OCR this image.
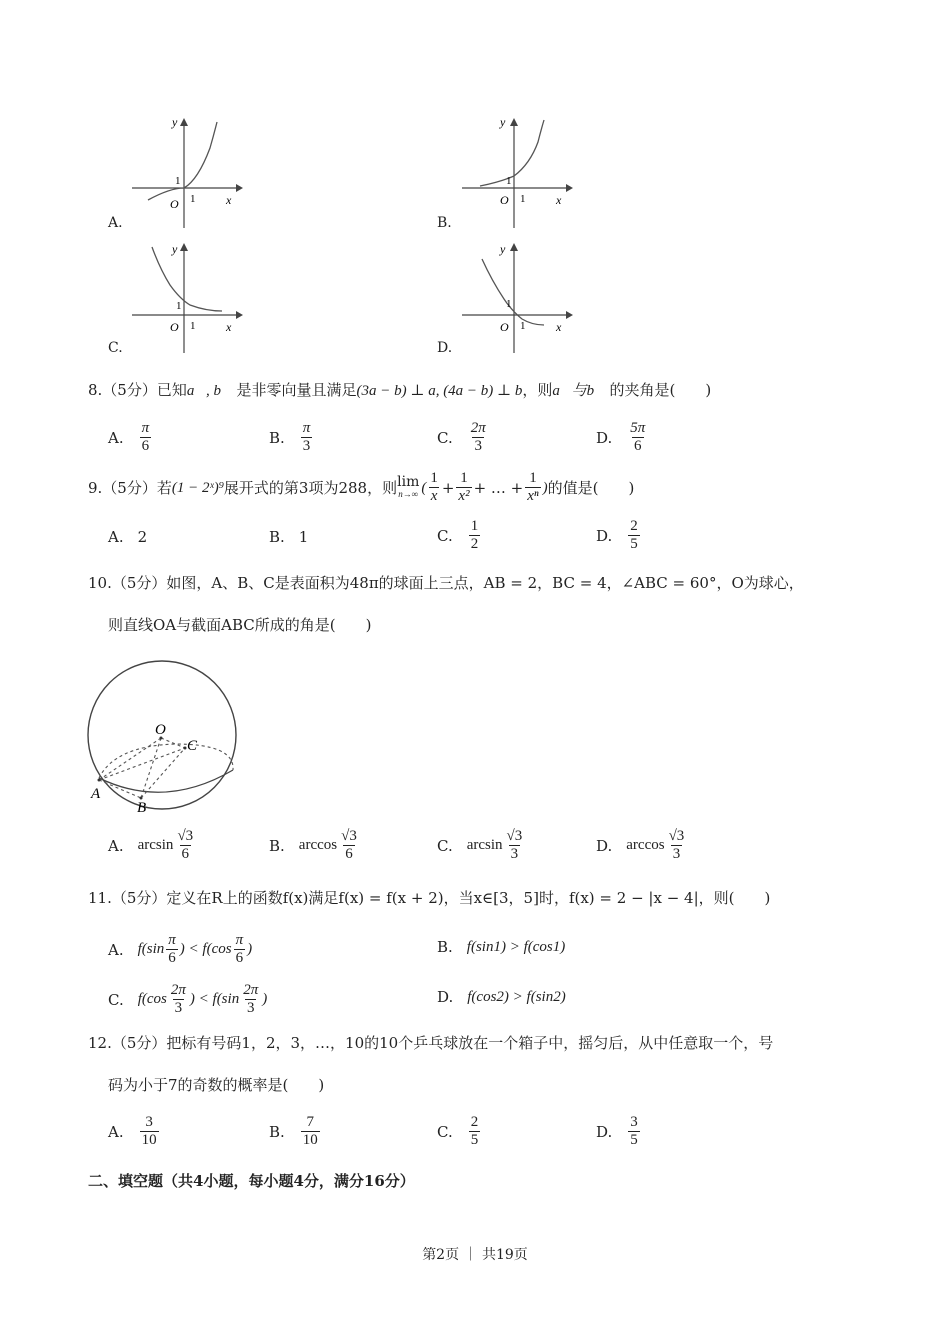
y
x
O 1
1
A.
y
x
O 1
1
B.
y
x
O 1
1
C.
y
x
O 1
1
D.
8.（5分）已知a⃗, b⃗ 是非零向量且满足(3a − b) ⊥ a, (4a − b) ⊥ b，则a⃗与b⃗ 的夹角是(　　)
A. $\frac{\pi}{6}$	B. $\frac{\pi}{3}$	C. $\frac{2\pi}{3}$	D. $\frac{5\pi}{6}$
9.（5分）若 (1 − 2ˣ)⁹ 展开式的第3项为288，则 lim
n→∞ ( $\frac{1}{x} + \frac{1}{\text{x²}}$ + … + $\frac{1}{\text{xⁿ}}$ ) 的值是(　　)
A. 2	B. 1	C. $\frac{1}{2}$	D. $\frac{2}{5}$
10.（5分）如图，A、B、C是表面积为48π的球面上三点，AB = 2，BC = 4，∠ABC = 60°，O为球心，
则直线OA与截面ABC所成的角是(　　)
O
C
A
B
A. $\arcsin \frac{√3}{6}$	B. $\arccos \frac{√3}{6}$	C. $\arcsin \frac{√3}{3}$	D. $\arccos \frac{√3}{3}$
11.（5分）定义在R上的函数f(x)满足f(x) = f(x + 2)，当x∈[3，5]时，f(x) = 2 − |x − 4|，则(　　)
A. $f(\sin \frac{\pi}{6}$ ) < $f(\cos \frac{\pi}{6}$ )	B. f(sin1) > f(cos1)
C. $f(\cos \frac{2\pi}{3}$ ) < $f(\sin \frac{2\pi}{3}$ )	D. f(cos2) > f(sin2)
12.（5分）把标有号码1，2，3，…，10的10个乒乓球放在一个箱子中，摇匀后，从中任意取一个，号
码为小于7的奇数的概率是(　　)
A. $\frac{3}{10}$	B. $\frac{7}{10}$	C. $\frac{2}{5}$	D. $\frac{3}{5}$
二、填空题（共4小题，每小题4分，满分16分）
第2页 ｜ 共19页
